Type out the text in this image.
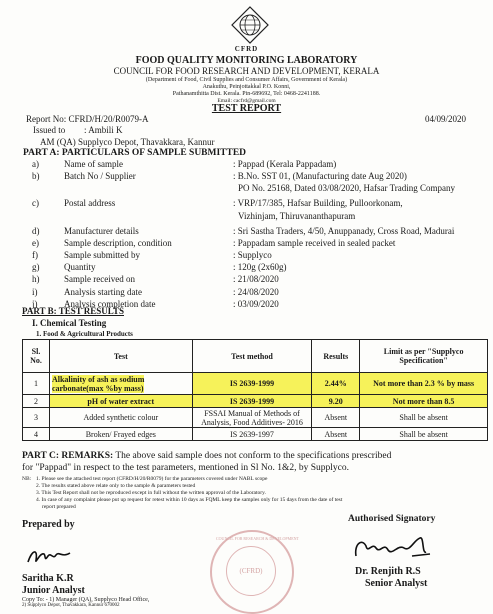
CFRD
FOOD QUALITY MONITORING LABORATORY
COUNCIL FOR FOOD RESEARCH AND DEVELOPMENT, KERALA
(Department of Food, Civil Supplies and Consumer Affairs, Government of Kerala)
Anakuthu, Peinjottakkal P.O. Konni,
Pathanamthitta Dist. Kerala. Pin-689692, Tel: 0468-2241188.
Email: cacfrd@gmail.com
TEST REPORT
Report No: CFRD/H/20/R0079-A	04/09/2020
Issued to : Ambili K
AM (QA) Supplyco Depot, Thavakkara, Kannur
PART A: PARTICULARS OF SAMPLE SUBMITTED
a)	Name of sample	: Pappad (Kerala Pappadam)
b)	Batch No / Supplier	: B.No. SST 01, (Manufacturing date Aug 2020)
PO No. 25168, Dated 03/08/2020, Hafsar Trading Company
c)	Postal address	: VRP/17/385, Hafsar Building, Pulloorkonam,
Vizhinjam, Thiruvananthapuram
d)	Manufacturer details	: Sri Sastha Traders, 4/50, Anuppanady, Cross Road, Madurai
e)	Sample description, condition	: Pappadam sample received in sealed packet
f)	Sample submitted by	: Supplyco
g)	Quantity	: 120g (2x60g)
h)	Sample received on	: 21/08/2020
i)	Analysis starting date	: 24/08/2020
j)	Analysis completion date	: 03/09/2020
PART B: TEST RESULTS
I. Chemical Testing
1. Food & Agricultural Products
Sl. No.	Test	Test method	Results	Limit as per "Supplyco Specification"
1	Alkalinity of ash as sodium carbonate(max %by mass)	IS 2639-1999	2.44%	Not more than 2.3 % by mass
2	pH of water extract	IS 2639-1999	9.20	Not more than 8.5
3	Added synthetic colour	FSSAI Manual of Methods of Analysis, Food Additives- 2016	Absent	Shall be absent
4	Broken/ Frayed edges	IS 2639-1997	Absent	Shall be absent
PART C: REMARKS: The above said sample does not conform to the specifications prescribed
for "Pappad" in respect to the test parameters, mentioned in Sl No. 1&2, by Supplyco.
NB: 1. Please see the attached test report (CFRD/H/20/R0079) for the parameters covered under NABL scope
2. The results stated above relate only to the sample & parameters tested
3. This Test Report shall not be reproduced except in full without the written approval of the Laboratory.
4. In case of any complaint please put up request for retest within 10 days as FQML keep the samples only for 15 days from the date of test
report prepared
Prepared by	Authorised Signatory
(CFRD)
COUNCIL FOR RESEARCH & DEVELOPMENT
Saritha K.R
Junior Analyst
Dr. Renjith R.S
Senior Analyst
Copy To: - 1) Manager (QA), Supplyco Head Office,
2) Supplyco Depot, Thavakkara, Kannur 670002
